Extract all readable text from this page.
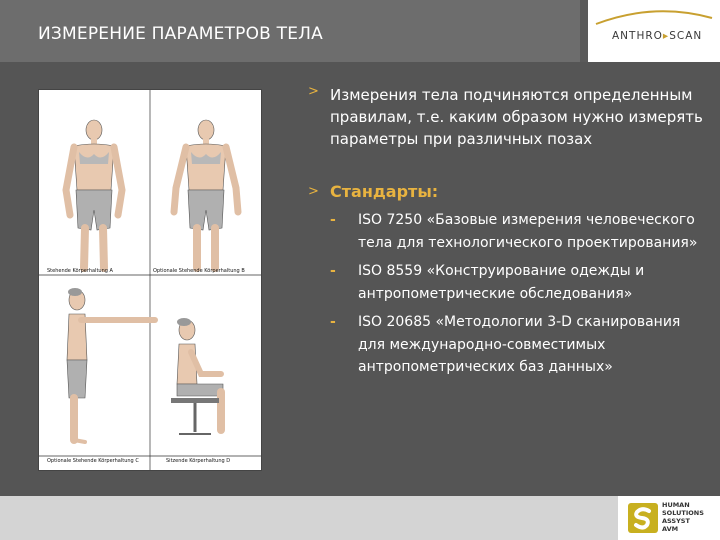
ИЗМЕРЕНИЕ ПАРАМЕТРОВ ТЕЛА	ANTHRO▸SCAN
Stehende Körperhaltung A	Optionale Stehende Körperhaltung B
Optionale Stehende Körperhaltung C	Sitzende Körperhaltung D
> Измерения тела подчиняются определенным правилам, т.е. каким образом нужно измерять параметры при различных позах
> Стандарты:
- ISO 7250 «Базовые измерения человеческого тела для технологического проектирования»
- ISO 8559 «Конструирование одежды и антропометрические обследования»
- ISO 20685 «Методологии 3-D сканирования для международно-совместимых антропометрических баз данных»
HUMAN
SOLUTIONS
ASSYST
AVM
